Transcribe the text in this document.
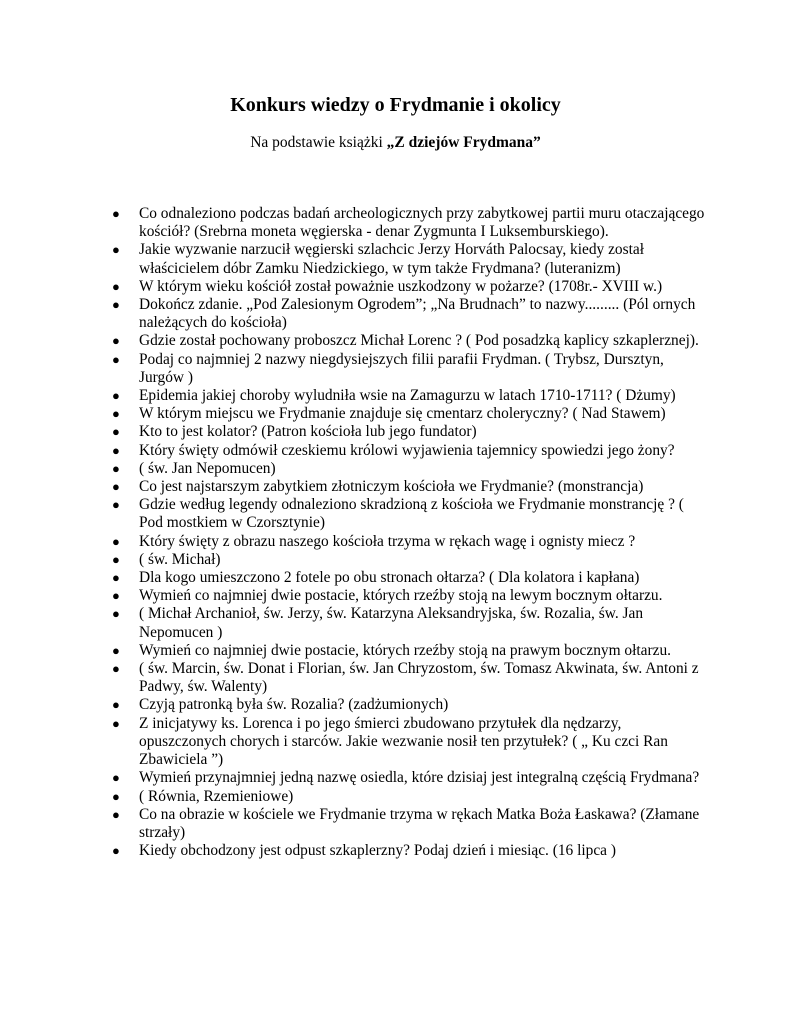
Konkurs wiedzy o Frydmanie i okolicy

Na podstawie książki „Z dziejów Frydmana”

● Co odnaleziono podczas badań archeologicznych przy zabytkowej partii muru otaczającego kościół? (Srebrna moneta węgierska - denar Zygmunta I Luksemburskiego).
● Jakie wyzwanie narzucił węgierski szlachcic Jerzy Horváth Palocsay, kiedy został właścicielem dóbr Zamku Niedzickiego, w tym także Frydmana? (luteranizm)
● W którym wieku kościół został poważnie uszkodzony w pożarze? (1708r.- XVIII w.)
● Dokończ zdanie. „Pod Zalesionym Ogrodem”; „Na Brudnach” to nazwy......... (Pól ornych należących do kościoła)
● Gdzie został pochowany proboszcz Michał Lorenc ? ( Pod posadzką kaplicy szkaplerznej).
● Podaj co najmniej 2 nazwy niegdysiejszych filii parafii Frydman. ( Trybsz, Dursztyn, Jurgów )
● Epidemia jakiej choroby wyludniła wsie na Zamagurzu w latach 1710-1711? ( Dżumy)
● W którym miejscu we Frydmanie znajduje się cmentarz choleryczny? ( Nad Stawem)
● Kto to jest kolator? (Patron kościoła lub jego fundator)
● Który święty odmówił czeskiemu królowi wyjawienia tajemnicy spowiedzi jego żony?
● ( św. Jan Nepomucen)
● Co jest najstarszym zabytkiem złotniczym kościoła we Frydmanie? (monstrancja)
● Gdzie według legendy odnaleziono skradzioną z kościoła we Frydmanie monstrancję ? ( Pod mostkiem w Czorsztynie)
● Który święty z obrazu naszego kościoła trzyma w rękach wagę i ognisty miecz ?
● ( św. Michał)
● Dla kogo umieszczono 2 fotele po obu stronach ołtarza? ( Dla kolatora i kapłana)
● Wymień co najmniej dwie postacie, których rzeźby stoją na lewym bocznym ołtarzu.
● ( Michał Archanioł, św. Jerzy, św. Katarzyna Aleksandryjska, św. Rozalia, św. Jan Nepomucen )
● Wymień co najmniej dwie postacie, których rzeźby stoją na prawym bocznym ołtarzu.
● ( św. Marcin, św. Donat i Florian, św. Jan Chryzostom, św. Tomasz Akwinata, św. Antoni z Padwy, św. Walenty)
● Czyją patronką była św. Rozalia? (zadżumionych)
● Z inicjatywy ks. Lorenca i po jego śmierci zbudowano przytułek dla nędzarzy, opuszczonych chorych i starców. Jakie wezwanie nosił ten przytułek? ( „ Ku czci Ran Zbawiciela ”)
● Wymień przynajmniej jedną nazwę osiedla, które dzisiaj jest integralną częścią Frydmana?
● ( Równia, Rzemieniowe)
● Co na obrazie w kościele we Frydmanie trzyma w rękach Matka Boża Łaskawa? (Złamane strzały)
● Kiedy obchodzony jest odpust szkaplerzny? Podaj dzień i miesiąc. (16 lipca )
